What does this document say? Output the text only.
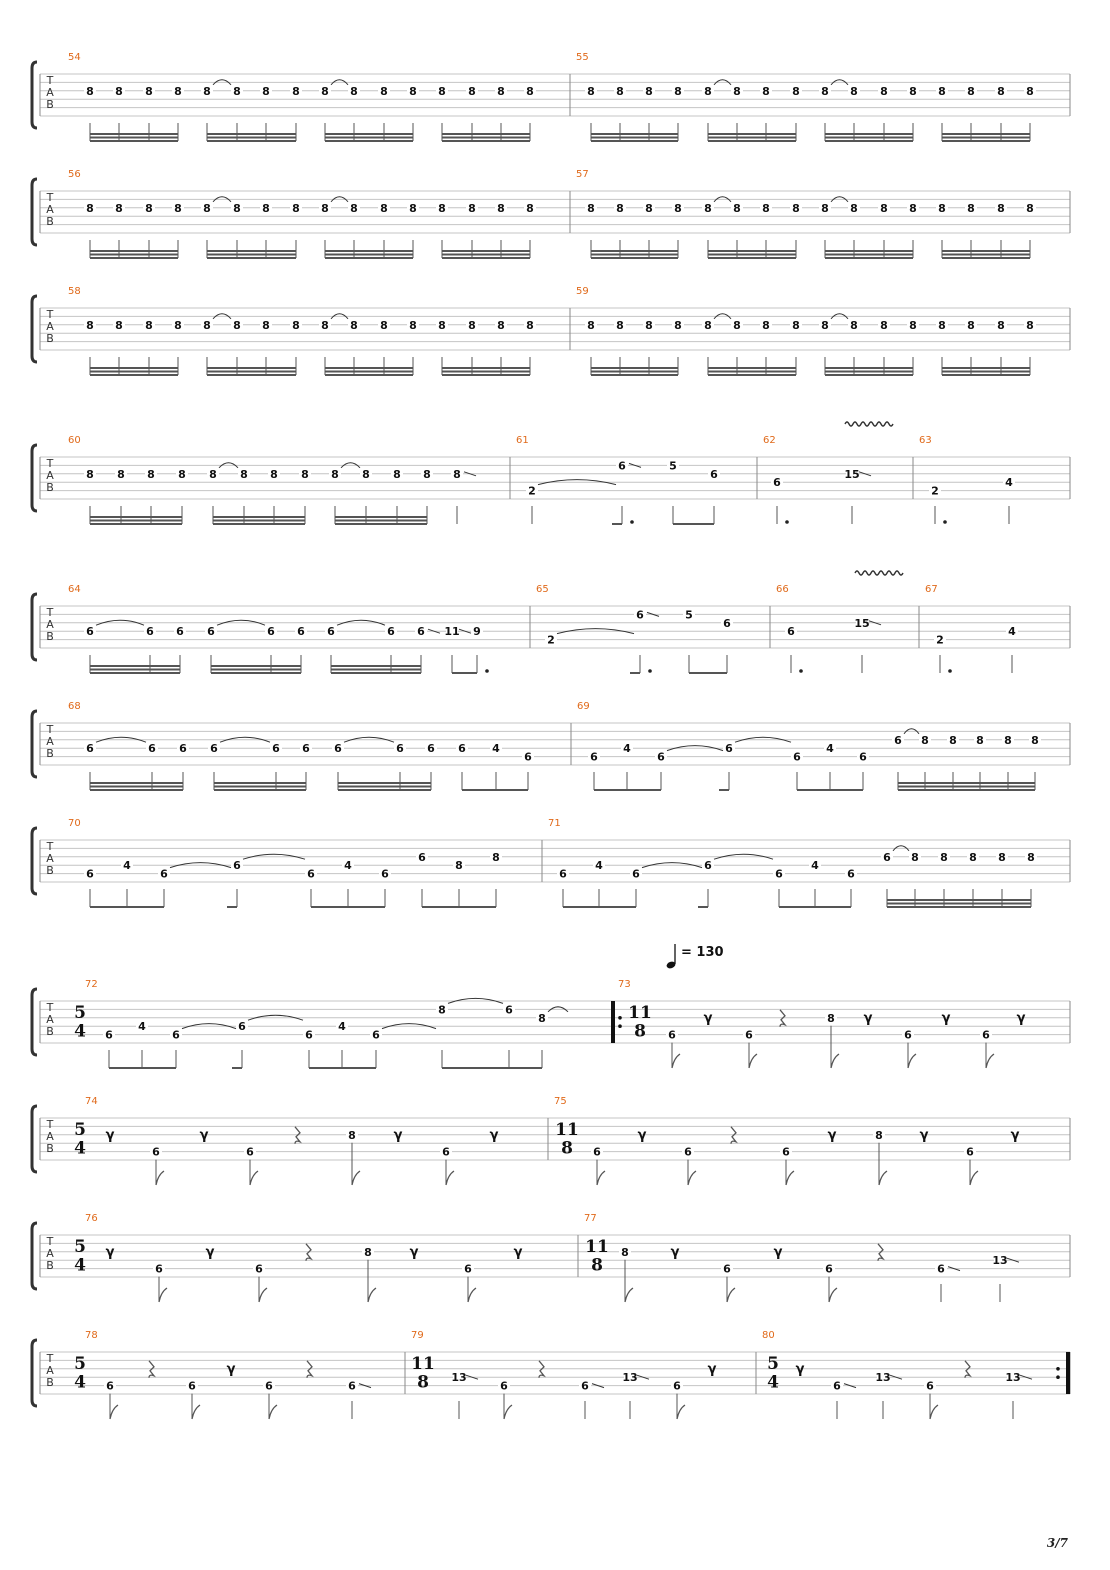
T
A
B
54
8 8 8 8 8 8 8 8 8 8 8 8 8 8 8 8
55
8 8 8 8 8 8 8 8 8 8 8 8 8 8 8 8
T
A
B
56
8 8 8 8 8 8 8 8 8 8 8 8 8 8 8 8
57
8 8 8 8 8 8 8 8 8 8 8 8 8 8 8 8
T
A
B
58
8 8 8 8 8 8 8 8 8 8 8 8 8 8 8 8
59
8 8 8 8 8 8 8 8 8 8 8 8 8 8 8 8
T
A
B
60
8 8 8 8 8 8 8 8 8 8 8 8 8
61
2
6	5
6
62
6
15
63
2
4
T
A
B
64
6	6 6 6	6 6 6	6 6 11 9
65
2
6	5
6
66
6
15
67
2
4
T
A
B
68
6	6 6 6	6 6 6	6 6 6 4
6
69
6
4
6
6
6
4
6
6 8 8 8 8 8
T
A
B
70
6
4
6
6
6
4
6
6
8
8
71
6
4
6
6
6
4
6
6 8 8 8 8 8
T
A
B
72
5
4 6
4
6
6
6
4
6
8	6
8
73
11
8 6	6
8
6	6
γ	γ	γ	γ
T
A
B
74
5
4	6	6
8
6
γ	γ	γ	γ
75
11
8 6	6	6
8
6
γ	γ	γ	γ
T
A
B
76
5
4	6	6
8
6
γ	γ	γ	γ
77
11
8
8
6	6	6
13
γ	γ
T
A
B
78
5
4 6	6	6	6
γ
79
11
8 13
6	6
13
6
γ
80
5
4	6
13
6
13
γ
= 130
3/7
